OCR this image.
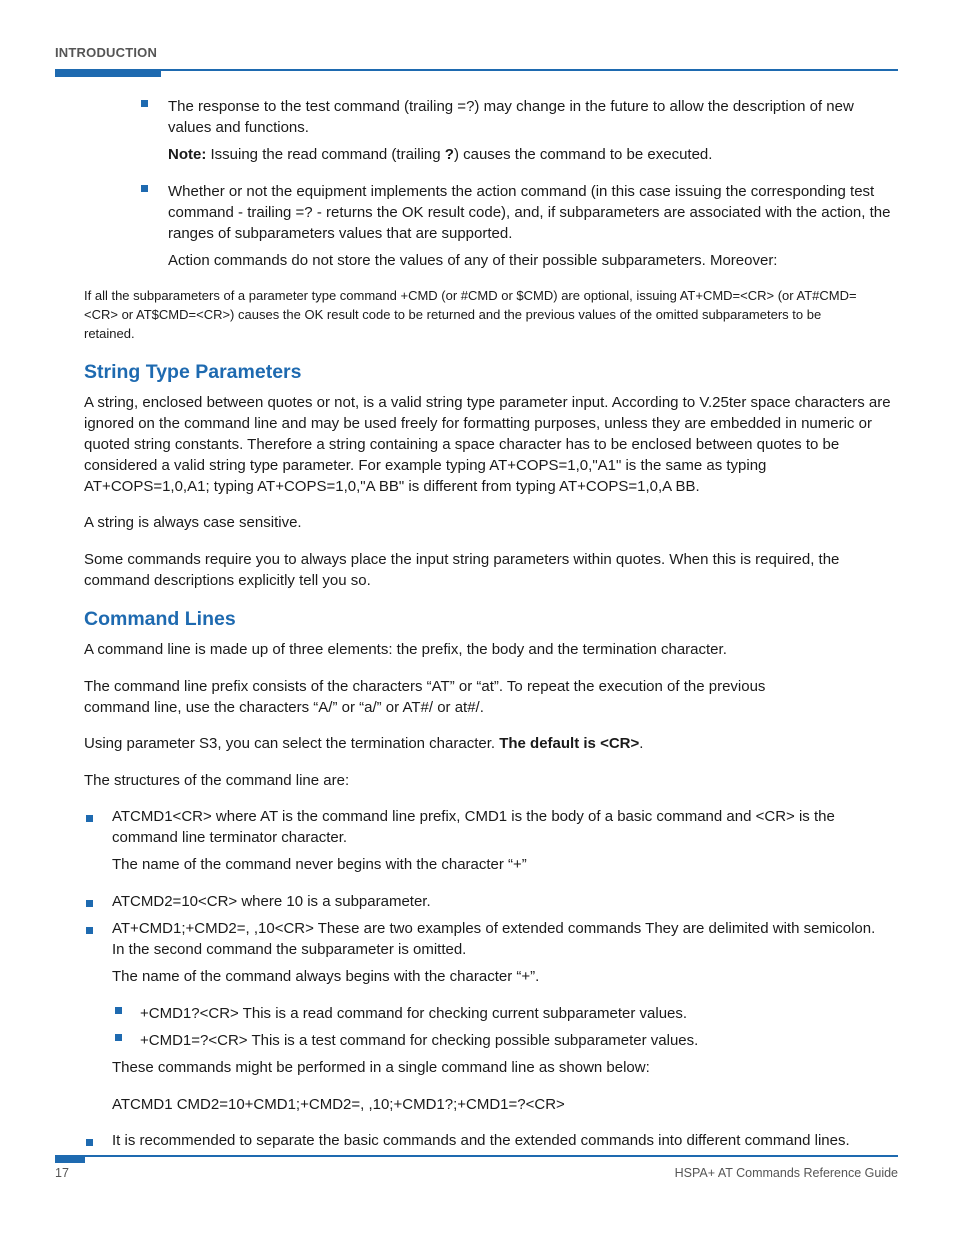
INTRODUCTION

The response to the test command (trailing =?) may change in the future to allow the description of new values and functions.

Note: Issuing the read command (trailing ?) causes the command to be executed.

Whether or not the equipment implements the action command (in this case issuing the corresponding test command - trailing =? - returns the OK result code), and, if subparameters are associated with the action, the ranges of subparameters values that are supported.

Action commands do not store the values of any of their possible subparameters. Moreover:

If all the subparameters of a parameter type command +CMD (or #CMD or $CMD) are optional, issuing AT+CMD=<CR> (or AT#CMD=<CR> or AT$CMD=<CR>) causes the OK result code to be returned and the previous values of the omitted subparameters to be retained.

String Type Parameters

A string, enclosed between quotes or not, is a valid string type parameter input. According to V.25ter space characters are ignored on the command line and may be used freely for formatting purposes, unless they are embedded in numeric or quoted string constants. Therefore a string containing a space character has to be enclosed between quotes to be considered a valid string type parameter. For example typing AT+COPS=1,0,"A1" is the same as typing AT+COPS=1,0,A1; typing AT+COPS=1,0,"A BB" is different from typing AT+COPS=1,0,A BB.

A string is always case sensitive.

Some commands require you to always place the input string parameters within quotes. When this is required, the command descriptions explicitly tell you so.

Command Lines

A command line is made up of three elements: the prefix, the body and the termination character.

The command line prefix consists of the characters “AT” or “at”. To repeat the execution of the previous command line, use the characters “A/” or “a/” or AT#/ or at#/.

Using parameter S3, you can select the termination character. The default is <CR>.

The structures of the command line are:

ATCMD1<CR> where AT is the command line prefix, CMD1 is the body of a basic command and <CR> is the command line terminator character.

The name of the command never begins with the character “+”

ATCMD2=10<CR> where 10 is a subparameter.

AT+CMD1;+CMD2=, ,10<CR> These are two examples of extended commands They are delimited with semicolon. In the second command the subparameter is omitted.

The name of the command always begins with the character “+”.

+CMD1?<CR> This is a read command for checking current subparameter values.

+CMD1=?<CR> This is a test command for checking possible subparameter values.

These commands might be performed in a single command line as shown below:

ATCMD1 CMD2=10+CMD1;+CMD2=, ,10;+CMD1?;+CMD1=?<CR>

It is recommended to separate the basic commands and the extended commands into different command lines.

17	HSPA+ AT Commands Reference Guide
